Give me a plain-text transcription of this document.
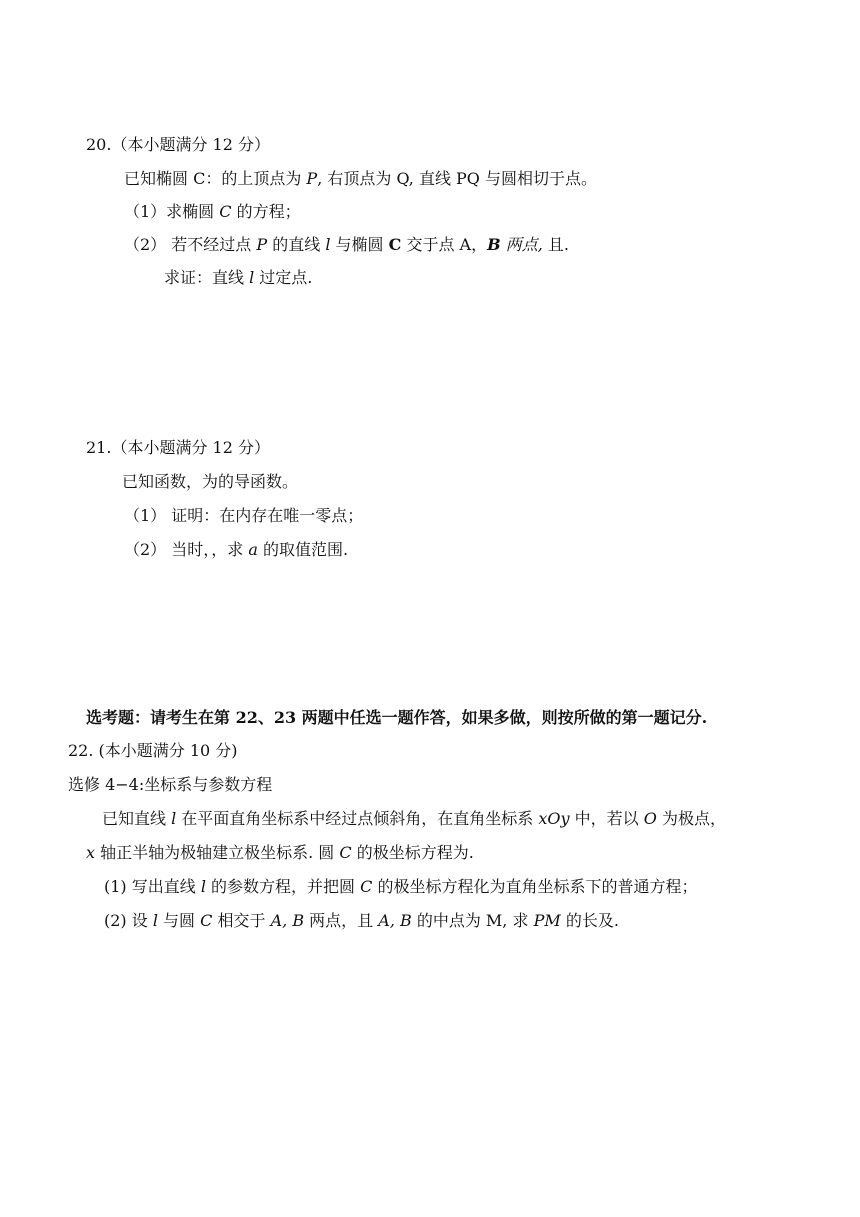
20.（本小题满分 12 分）
已知椭圆 C：的上顶点为 P, 右顶点为 Q, 直线 PQ 与圆相切于点。
（1）求椭圆 C 的方程；
（2） 若不经过点 P 的直线 l 与椭圆 C 交于点 A，B 两点, 且.
求证：直线 l 过定点.
21.（本小题满分 12 分）
已知函数，为的导函数。
（1） 证明：在内存在唯一零点；
（2） 当时，，求 a 的取值范围.
选考题：请考生在第 22、23 两题中任选一题作答，如果多做，则按所做的第一题记分.
22. (本小题满分 10 分)
选修 4−4:坐标系与参数方程
已知直线 l 在平面直角坐标系中经过点倾斜角，在直角坐标系 xOy 中，若以 O 为极点，
x 轴正半轴为极轴建立极坐标系. 圆 C 的极坐标方程为.
(1) 写出直线 l 的参数方程，并把圆 C 的极坐标方程化为直角坐标系下的普通方程；
(2) 设 l 与圆 C 相交于 A, B 两点，且 A, B 的中点为 M, 求 PM 的长及.
